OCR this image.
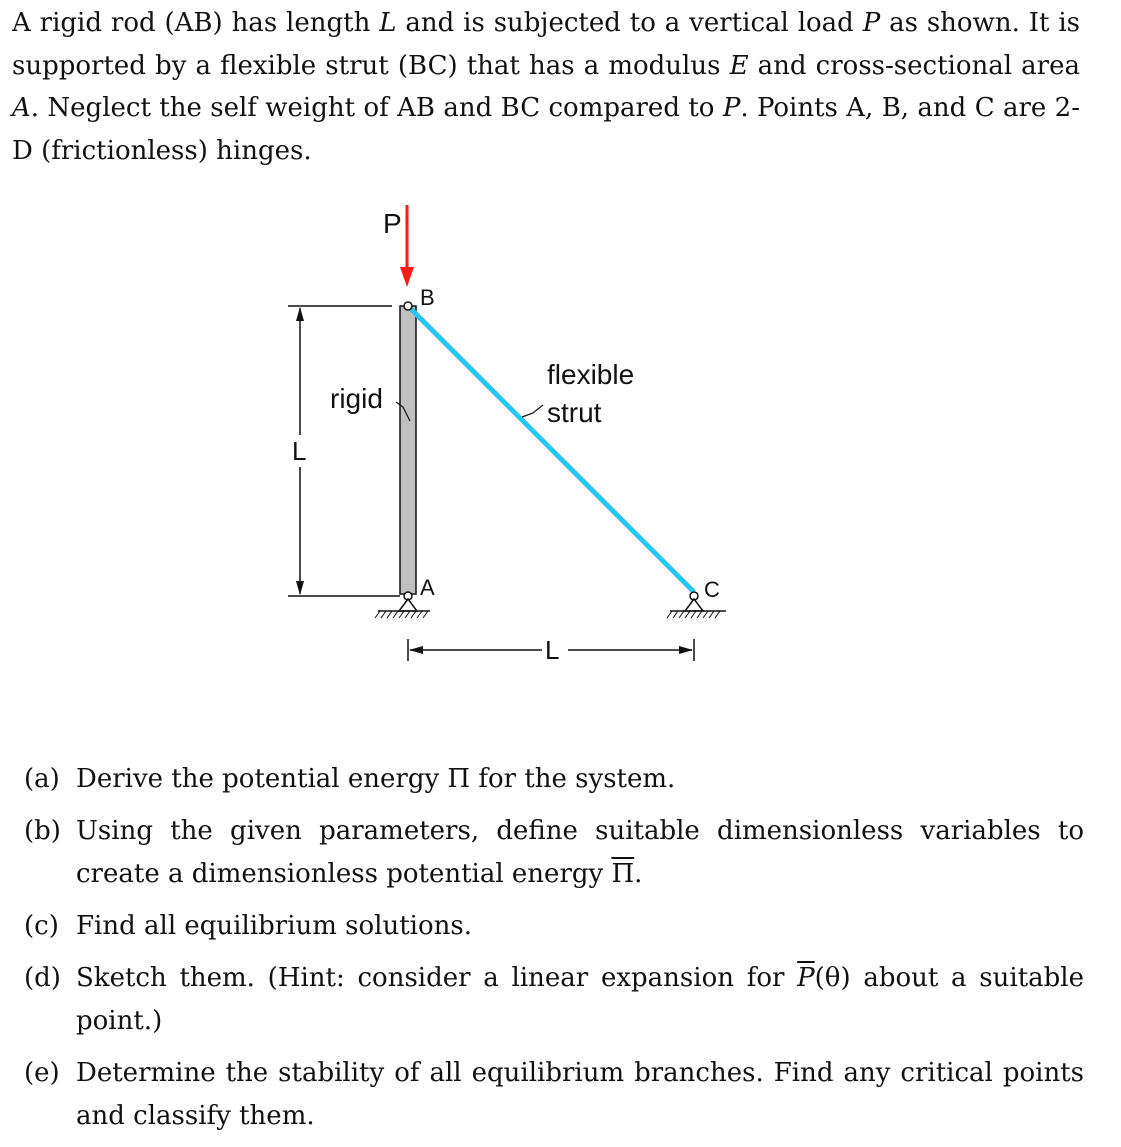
A rigid rod (AB) has length L and is subjected to a vertical load P as shown. It is supported by a flexible strut (BC) that has a modulus E and cross-sectional area A. Neglect the self weight of AB and BC compared to P. Points A, B, and C are 2-D (frictionless) hinges.

P
L
B
A	C
rigid
flexible
strut
L
(a) Derive the potential energy Π for the system.
(b) Using the given parameters, define suitable dimensionless variables to create a dimensionless potential energy $\overline{\Pi}$.
(c) Find all equilibrium solutions.
(d) Sketch them. (Hint: consider a linear expansion for $\overline{P}(\theta)$ about a suitable point.)
(e) Determine the stability of all equilibrium branches. Find any critical points and classify them.
